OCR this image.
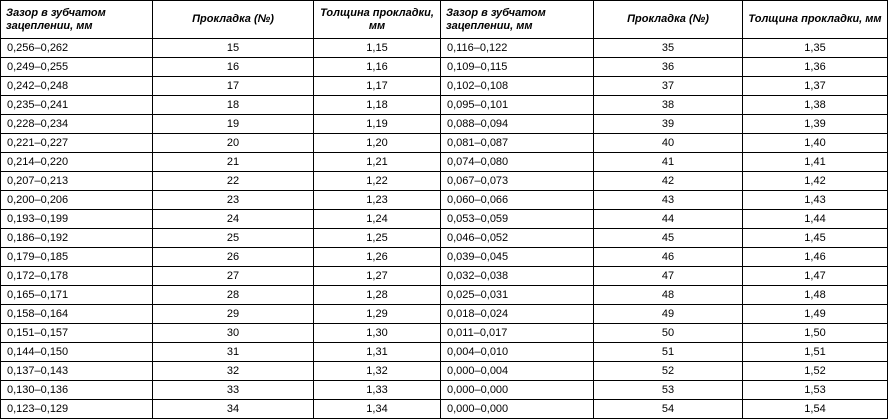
Зазор в зубчатом зацеплении, мм	Прокладка (№)	Толщина прокладки, мм	Зазор в зубчатом зацеплении, мм	Прокладка (№)	Толщина прокладки, мм
0,256–0,262	15	1,15	0,116–0,122	35	1,35
0,249–0,255	16	1,16	0,109–0,115	36	1,36
0,242–0,248	17	1,17	0,102–0,108	37	1,37
0,235–0,241	18	1,18	0,095–0,101	38	1,38
0,228–0,234	19	1,19	0,088–0,094	39	1,39
0,221–0,227	20	1,20	0,081–0,087	40	1,40
0,214–0,220	21	1,21	0,074–0,080	41	1,41
0,207–0,213	22	1,22	0,067–0,073	42	1,42
0,200–0,206	23	1,23	0,060–0,066	43	1,43
0,193–0,199	24	1,24	0,053–0,059	44	1,44
0,186–0,192	25	1,25	0,046–0,052	45	1,45
0,179–0,185	26	1,26	0,039–0,045	46	1,46
0,172–0,178	27	1,27	0,032–0,038	47	1,47
0,165–0,171	28	1,28	0,025–0,031	48	1,48
0,158–0,164	29	1,29	0,018–0,024	49	1,49
0,151–0,157	30	1,30	0,011–0,017	50	1,50
0,144–0,150	31	1,31	0,004–0,010	51	1,51
0,137–0,143	32	1,32	0,000–0,004	52	1,52
0,130–0,136	33	1,33	0,000–0,000	53	1,53
0,123–0,129	34	1,34	0,000–0,000	54	1,54
